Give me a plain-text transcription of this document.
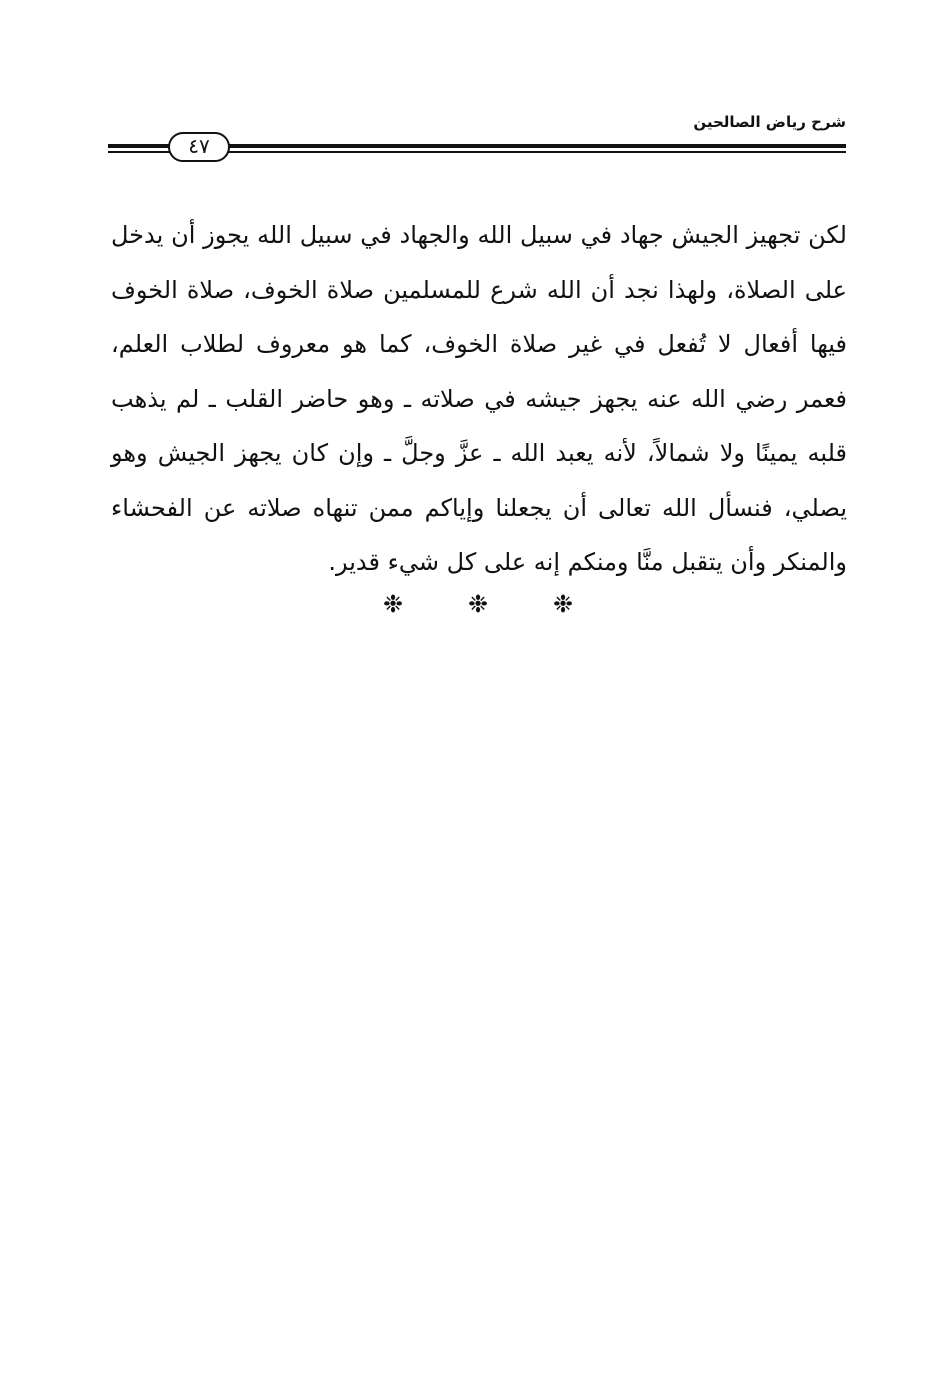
شرح رياض الصالحين
٤٧
لكن تجهيز الجيش جهاد في سبيل الله والجهاد في سبيل الله يجوز أن يدخل على الصلاة، ولهذا نجد أن الله شرع للمسلمين صلاة الخوف، صلاة الخوف فيها أفعال لا تُفعل في غير صلاة الخوف، كما هو معروف لطلاب العلم، فعمر رضي الله عنه يجهز جيشه في صلاته ـ وهو حاضر القلب ـ لم يذهب قلبه يمينًا ولا شمالاً، لأنه يعبد الله ـ عزَّ وجلَّ ـ وإن كان يجهز الجيش وهو يصلي، فنسأل الله تعالى أن يجعلنا وإياكم ممن تنهاه صلاته عن الفحشاء والمنكر وأن يتقبل منَّا ومنكم إنه على كل شيء قدير.
❉
❉
❉
